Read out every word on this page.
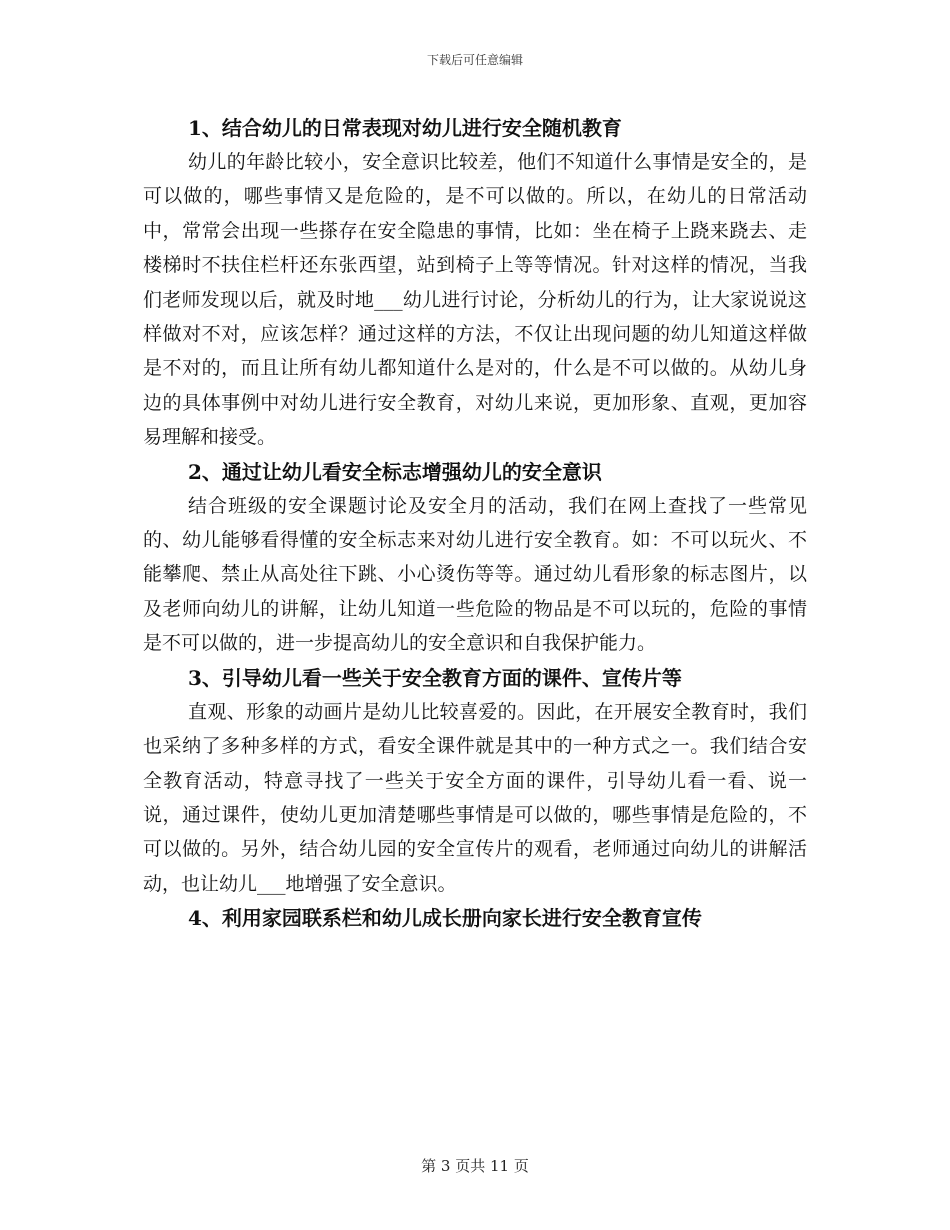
下载后可任意编辑

1、结合幼儿的日常表现对幼儿进行安全随机教育

幼儿的年龄比较小，安全意识比较差，他们不知道什么事情是安全的，是可以做的，哪些事情又是危险的，是不可以做的。所以，在幼儿的日常活动中，常常会出现一些搽存在安全隐患的事情，比如：坐在椅子上跷来跷去、走楼梯时不扶住栏杆还东张西望，站到椅子上等等情况。针对这样的情况，当我们老师发现以后，就及时地___幼儿进行讨论，分析幼儿的行为，让大家说说这样做对不对，应该怎样？通过这样的方法，不仅让出现问题的幼儿知道这样做是不对的，而且让所有幼儿都知道什么是对的，什么是不可以做的。从幼儿身边的具体事例中对幼儿进行安全教育，对幼儿来说，更加形象、直观，更加容易理解和接受。

2、通过让幼儿看安全标志增强幼儿的安全意识

结合班级的安全课题讨论及安全月的活动，我们在网上查找了一些常见的、幼儿能够看得懂的安全标志来对幼儿进行安全教育。如：不可以玩火、不能攀爬、禁止从高处往下跳、小心烫伤等等。通过幼儿看形象的标志图片，以及老师向幼儿的讲解，让幼儿知道一些危险的物品是不可以玩的，危险的事情是不可以做的，进一步提高幼儿的安全意识和自我保护能力。

3、引导幼儿看一些关于安全教育方面的课件、宣传片等

直观、形象的动画片是幼儿比较喜爱的。因此，在开展安全教育时，我们也采纳了多种多样的方式，看安全课件就是其中的一种方式之一。我们结合安全教育活动，特意寻找了一些关于安全方面的课件，引导幼儿看一看、说一说，通过课件，使幼儿更加清楚哪些事情是可以做的，哪些事情是危险的，不可以做的。另外，结合幼儿园的安全宣传片的观看，老师通过向幼儿的讲解活动，也让幼儿___地增强了安全意识。

4、利用家园联系栏和幼儿成长册向家长进行安全教育宣传

第 3 页共 11 页
